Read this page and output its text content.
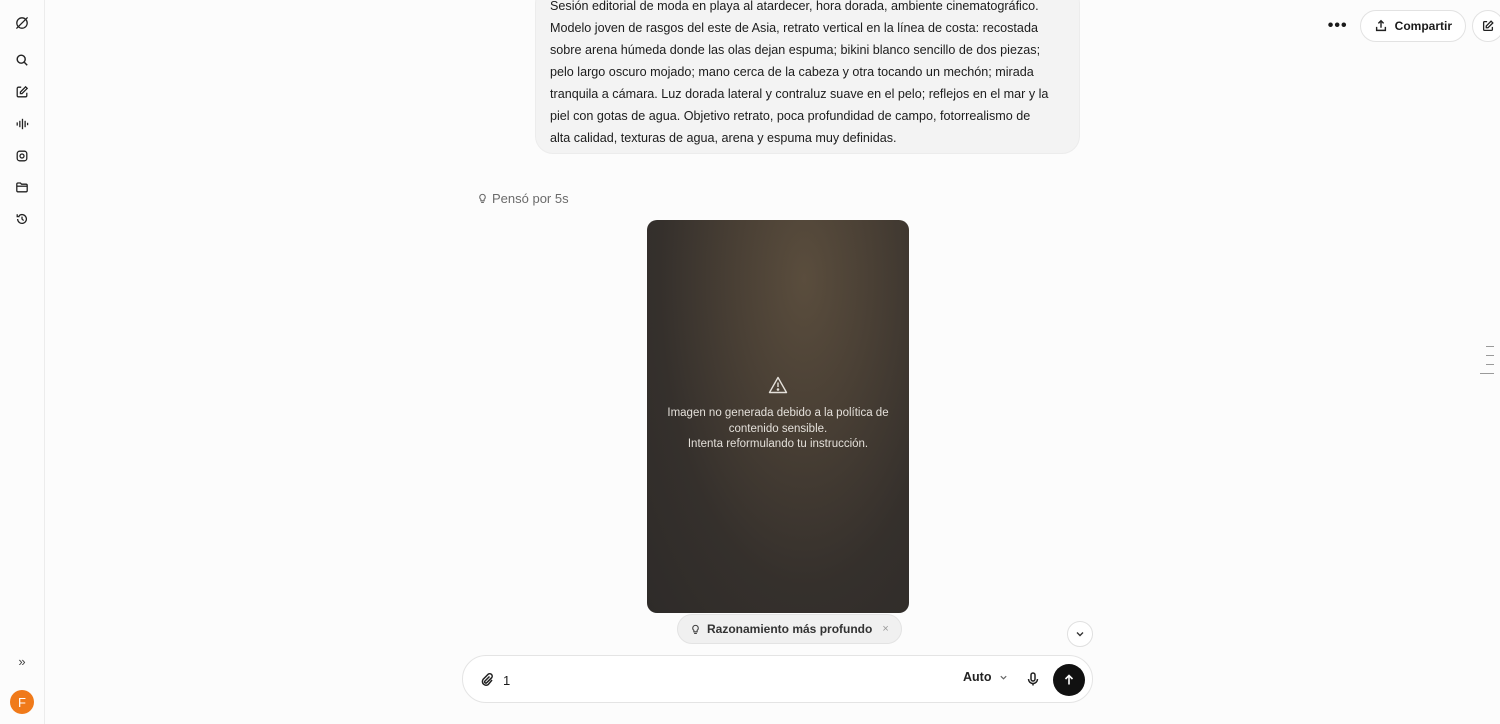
»
F
•••	Compartir

Sesión editorial de moda en playa al atardecer, hora dorada, ambiente cinematográfico.

Modelo joven de rasgos del este de Asia, retrato vertical en la línea de costa: recostada

sobre arena húmeda donde las olas dejan espuma; bikini blanco sencillo de dos piezas;

pelo largo oscuro mojado; mano cerca de la cabeza y otra tocando un mechón; mirada

tranquila a cámara. Luz dorada lateral y contraluz suave en el pelo; reflejos en el mar y la

piel con gotas de agua. Objetivo retrato, poca profundidad de campo, fotorrealismo de

alta calidad, texturas de agua, arena y espuma muy definidas.

Pensó por 5s
Imagen no generada debido a la política de
contenido sensible.
Intenta reformulando tu instrucción.
Razonamiento más profundo ×
1
Auto
